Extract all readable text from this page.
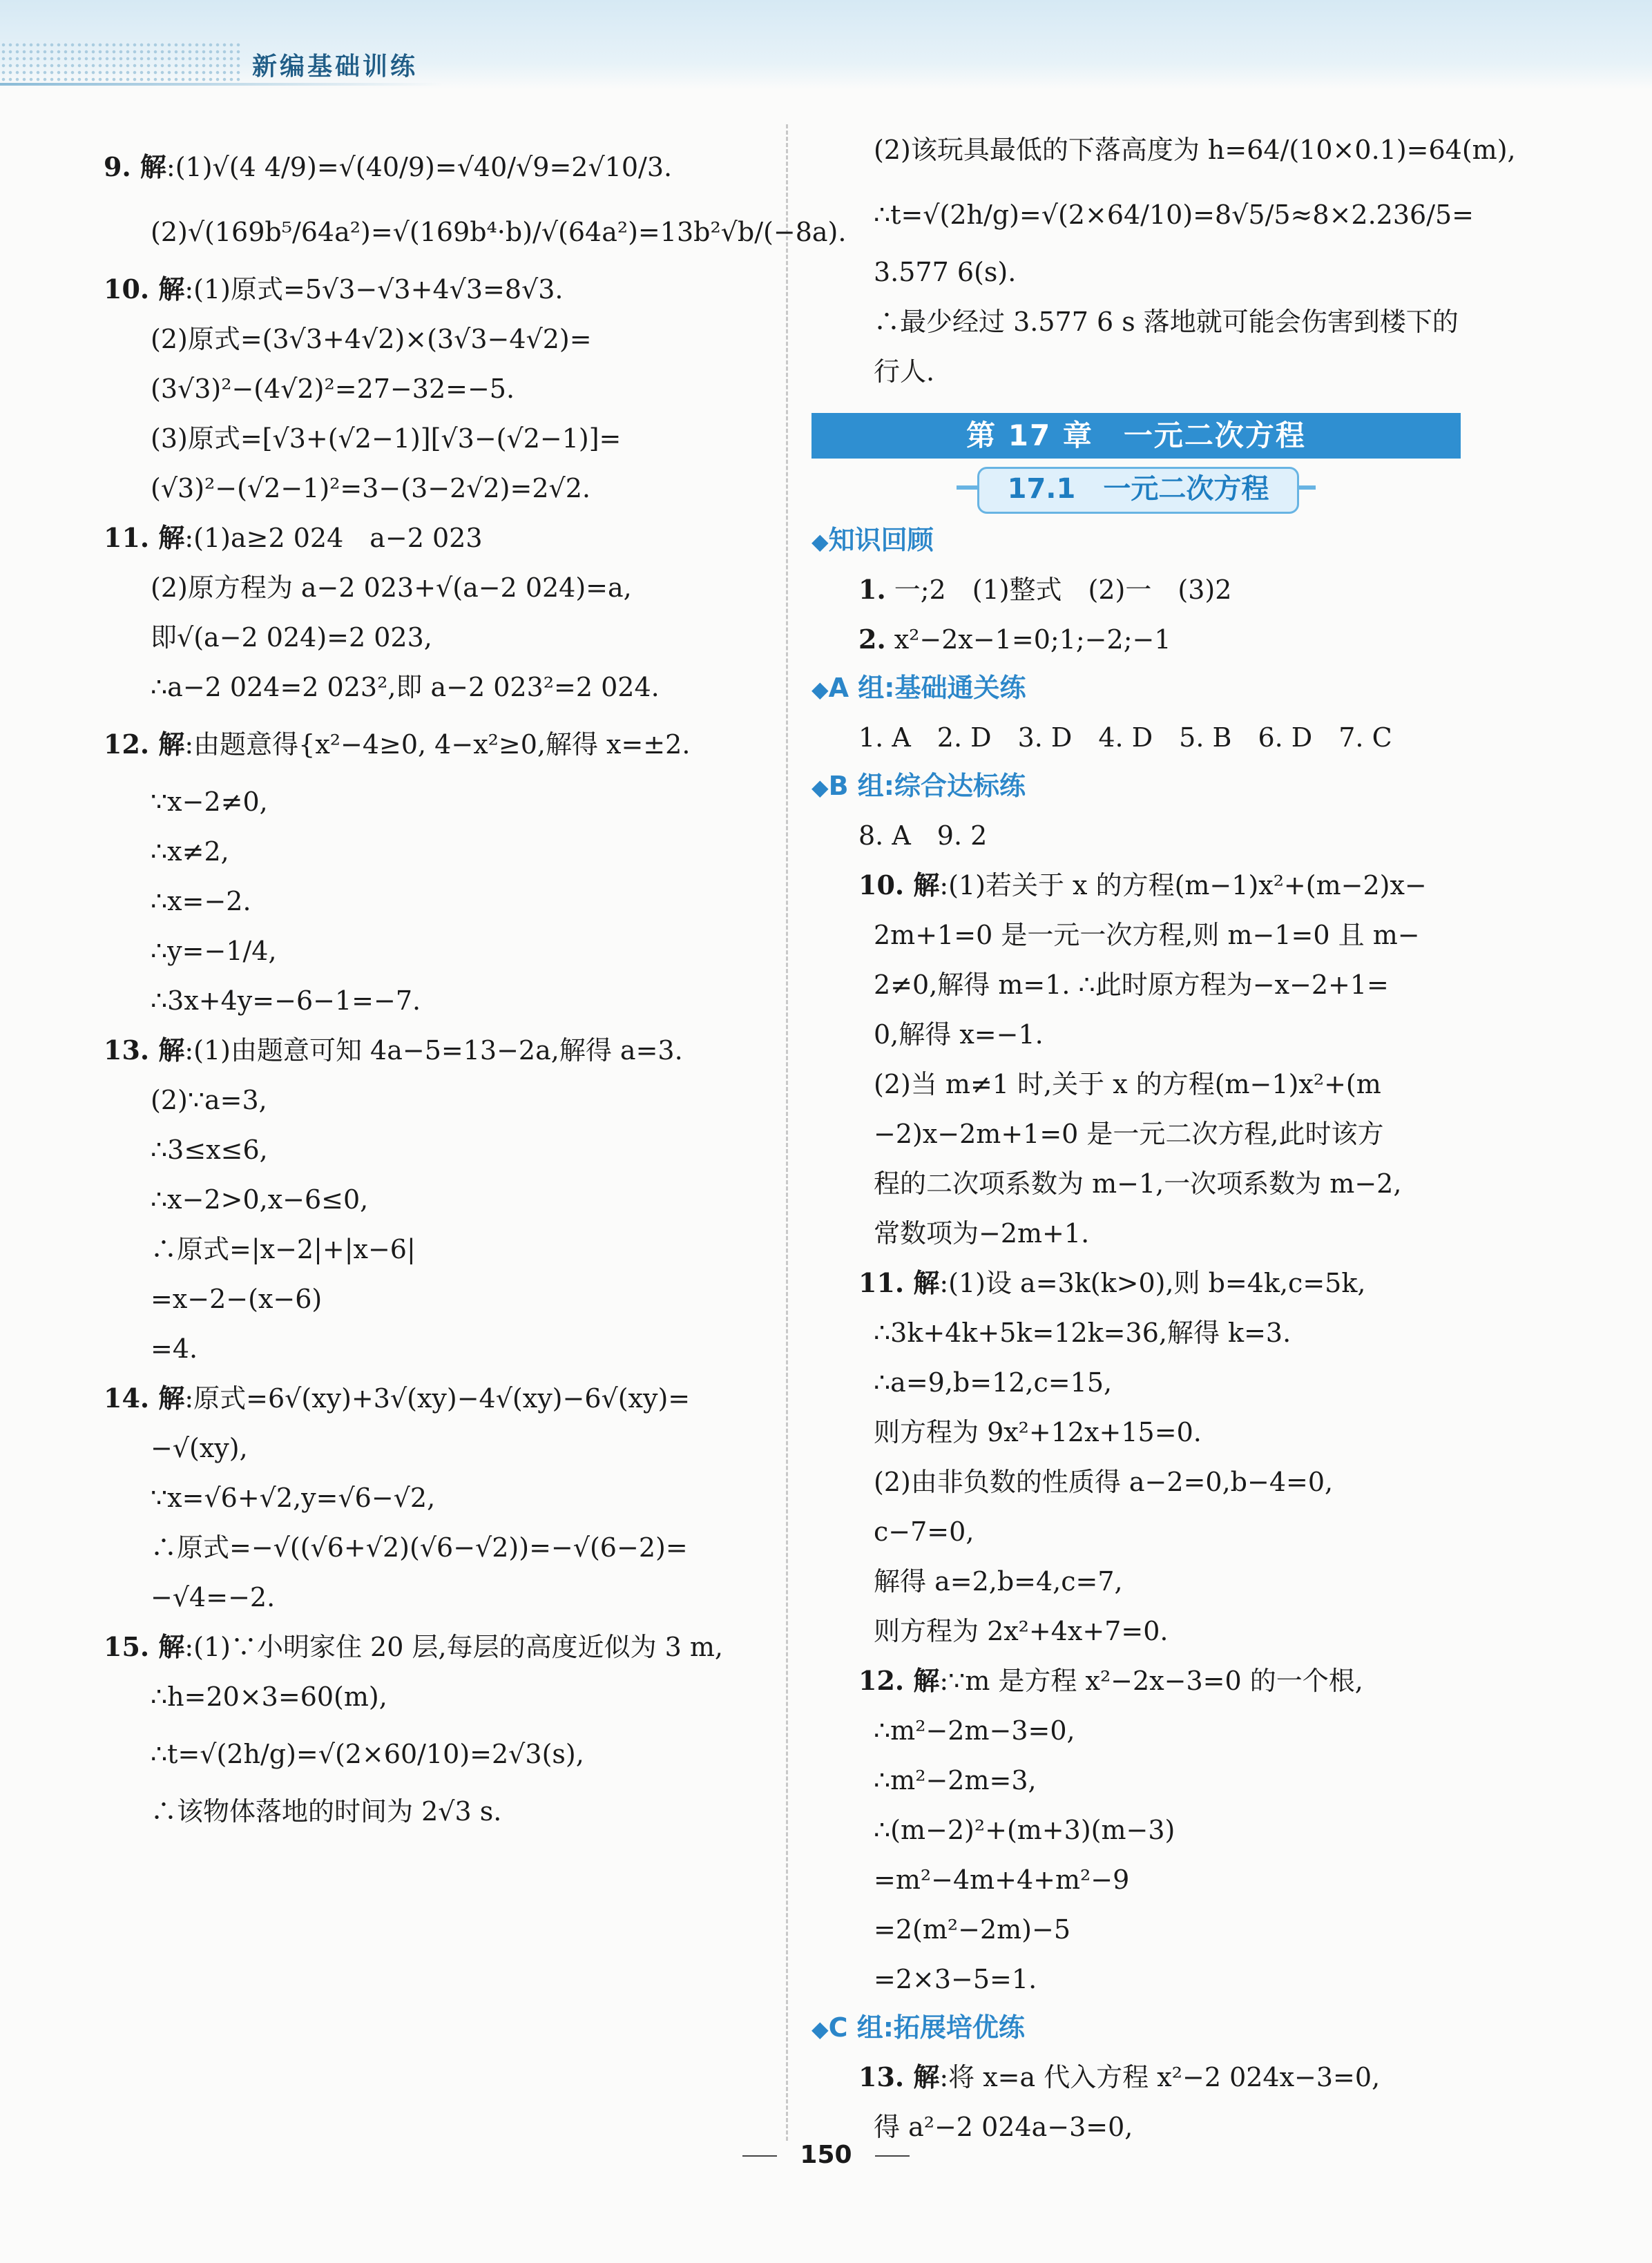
新编基础训练
9. 解:(1)√(4 4/9)=√(40/9)=√40/√9=2√10/3.
(2)√(169b⁵/64a²)=√(169b⁴·b)/√(64a²)=13b²√b/(−8a).
10. 解:(1)原式=5√3−√3+4√3=8√3.
(2)原式=(3√3+4√2)×(3√3−4√2)=
(3√3)²−(4√2)²=27−32=−5.
(3)原式=[√3+(√2−1)][√3−(√2−1)]=
(√3)²−(√2−1)²=3−(3−2√2)=2√2.
11. 解:(1)a≥2 024　a−2 023
(2)原方程为 a−2 023+√(a−2 024)=a,
即√(a−2 024)=2 023,
∴a−2 024=2 023²,即 a−2 023²=2 024.
12. 解:由题意得{x²−4≥0, 4−x²≥0,解得 x=±2.
∵x−2≠0,
∴x≠2,
∴x=−2.
∴y=−1/4,
∴3x+4y=−6−1=−7.
13. 解:(1)由题意可知 4a−5=13−2a,解得 a=3.
(2)∵a=3,
∴3≤x≤6,
∴x−2>0,x−6≤0,
∴原式=|x−2|+|x−6|
=x−2−(x−6)
=4.
14. 解:原式=6√(xy)+3√(xy)−4√(xy)−6√(xy)=
−√(xy),
∵x=√6+√2,y=√6−√2,
∴原式=−√((√6+√2)(√6−√2))=−√(6−2)=
−√4=−2.
15. 解:(1)∵小明家住 20 层,每层的高度近似为 3 m,
∴h=20×3=60(m),
∴t=√(2h/g)=√(2×60/10)=2√3(s),
∴该物体落地的时间为 2√3 s.
(2)该玩具最低的下落高度为 h=64/(10×0.1)=64(m),
∴t=√(2h/g)=√(2×64/10)=8√5/5≈8×2.236/5=
3.577 6(s).
∴最少经过 3.577 6 s 落地就可能会伤害到楼下的
行人.
第 17 章　一元二次方程
17.1　一元二次方程
◆知识回顾
1. 一;2　(1)整式　(2)一　(3)2
2. x²−2x−1=0;1;−2;−1
◆A 组:基础通关练
1. A　2. D　3. D　4. D　5. B　6. D　7. C
◆B 组:综合达标练
8. A　9. 2
10. 解:(1)若关于 x 的方程(m−1)x²+(m−2)x−
2m+1=0 是一元一次方程,则 m−1=0 且 m−
2≠0,解得 m=1. ∴此时原方程为−x−2+1=
0,解得 x=−1.
(2)当 m≠1 时,关于 x 的方程(m−1)x²+(m
−2)x−2m+1=0 是一元二次方程,此时该方
程的二次项系数为 m−1,一次项系数为 m−2,
常数项为−2m+1.
11. 解:(1)设 a=3k(k>0),则 b=4k,c=5k,
∴3k+4k+5k=12k=36,解得 k=3.
∴a=9,b=12,c=15,
则方程为 9x²+12x+15=0.
(2)由非负数的性质得 a−2=0,b−4=0,
c−7=0,
解得 a=2,b=4,c=7,
则方程为 2x²+4x+7=0.
12. 解:∵m 是方程 x²−2x−3=0 的一个根,
∴m²−2m−3=0,
∴m²−2m=3,
∴(m−2)²+(m+3)(m−3)
=m²−4m+4+m²−9
=2(m²−2m)−5
=2×3−5=1.
◆C 组:拓展培优练
13. 解:将 x=a 代入方程 x²−2 024x−3=0,
得 a²−2 024a−3=0,
150
